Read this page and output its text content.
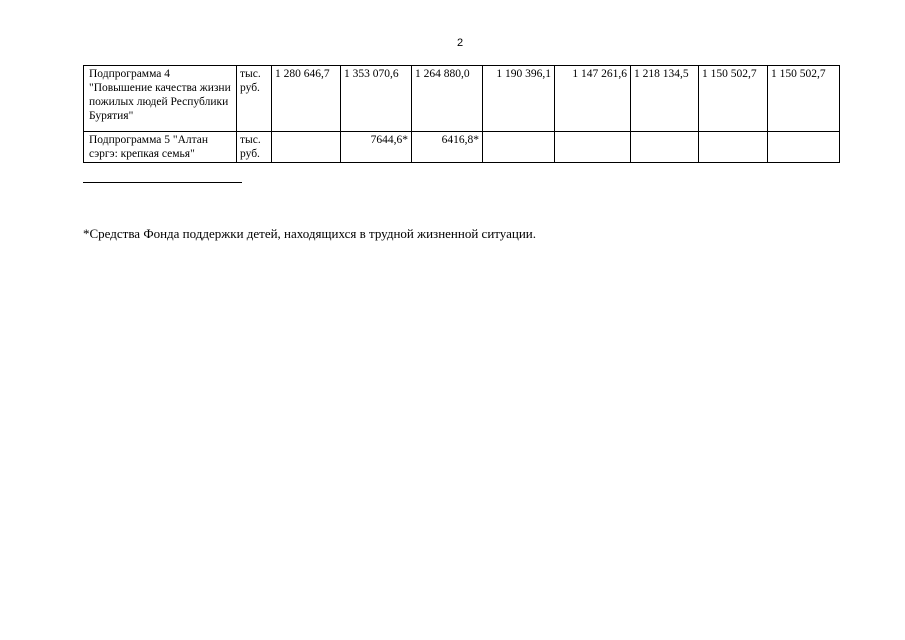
2
Подпрограмма 4 "Повышение качества жизни пожилых людей Республики Бурятия"	тыс. руб.	1 280 646,7	1 353 070,6	1 264 880,0	1 190 396,1	1 147 261,6	1 218 134,5	1 150 502,7	1 150 502,7
Подпрограмма 5 "Алтан сэргэ: крепкая семья"	тыс. руб.		7644,6*	6416,8*					
*Средства Фонда поддержки детей, находящихся в трудной жизненной ситуации.
